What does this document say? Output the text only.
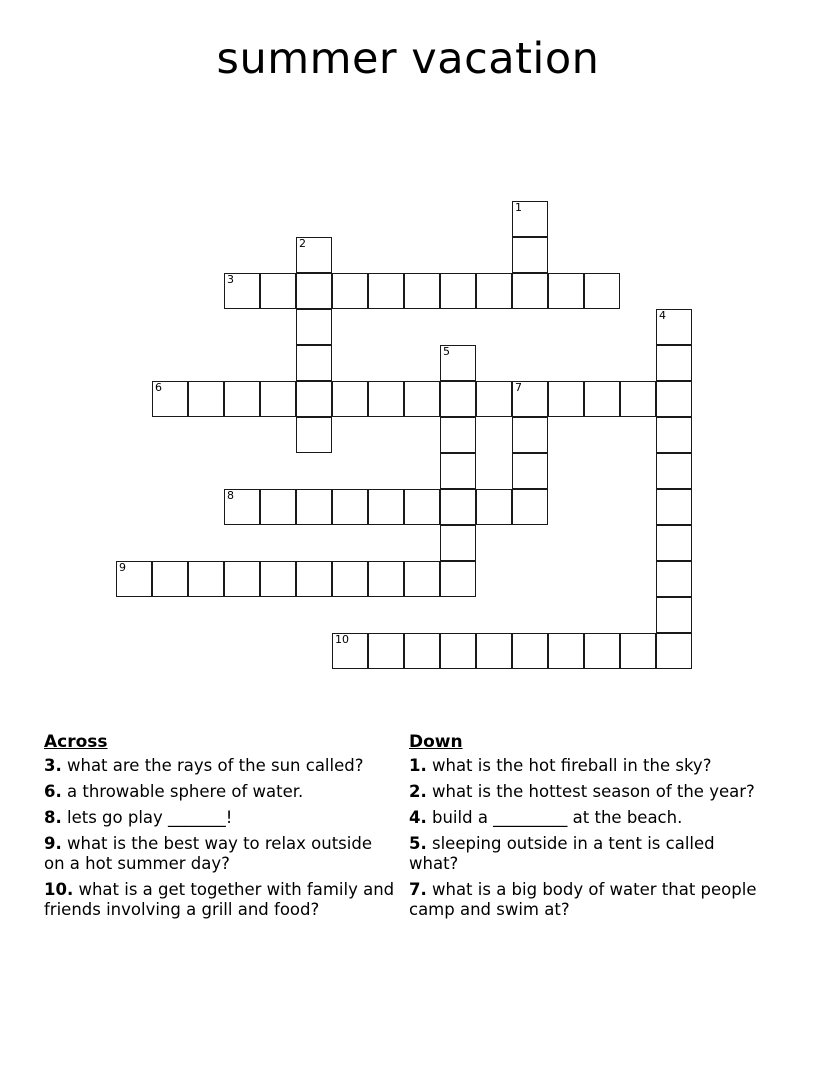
summer vacation
1
2
3
4
5
6	7
8
9
10
Across
3. what are the rays of the sun called?
6. a throwable sphere of water.
8. lets go play _______!
9. what is the best way to relax outside on a hot summer day?
10. what is a get together with family and friends involving a grill and food?
Down
1. what is the hot fireball in the sky?
2. what is the hottest season of the year?
4. build a _________ at the beach.
5. sleeping outside in a tent is called what?
7. what is a big body of water that people camp and swim at?
